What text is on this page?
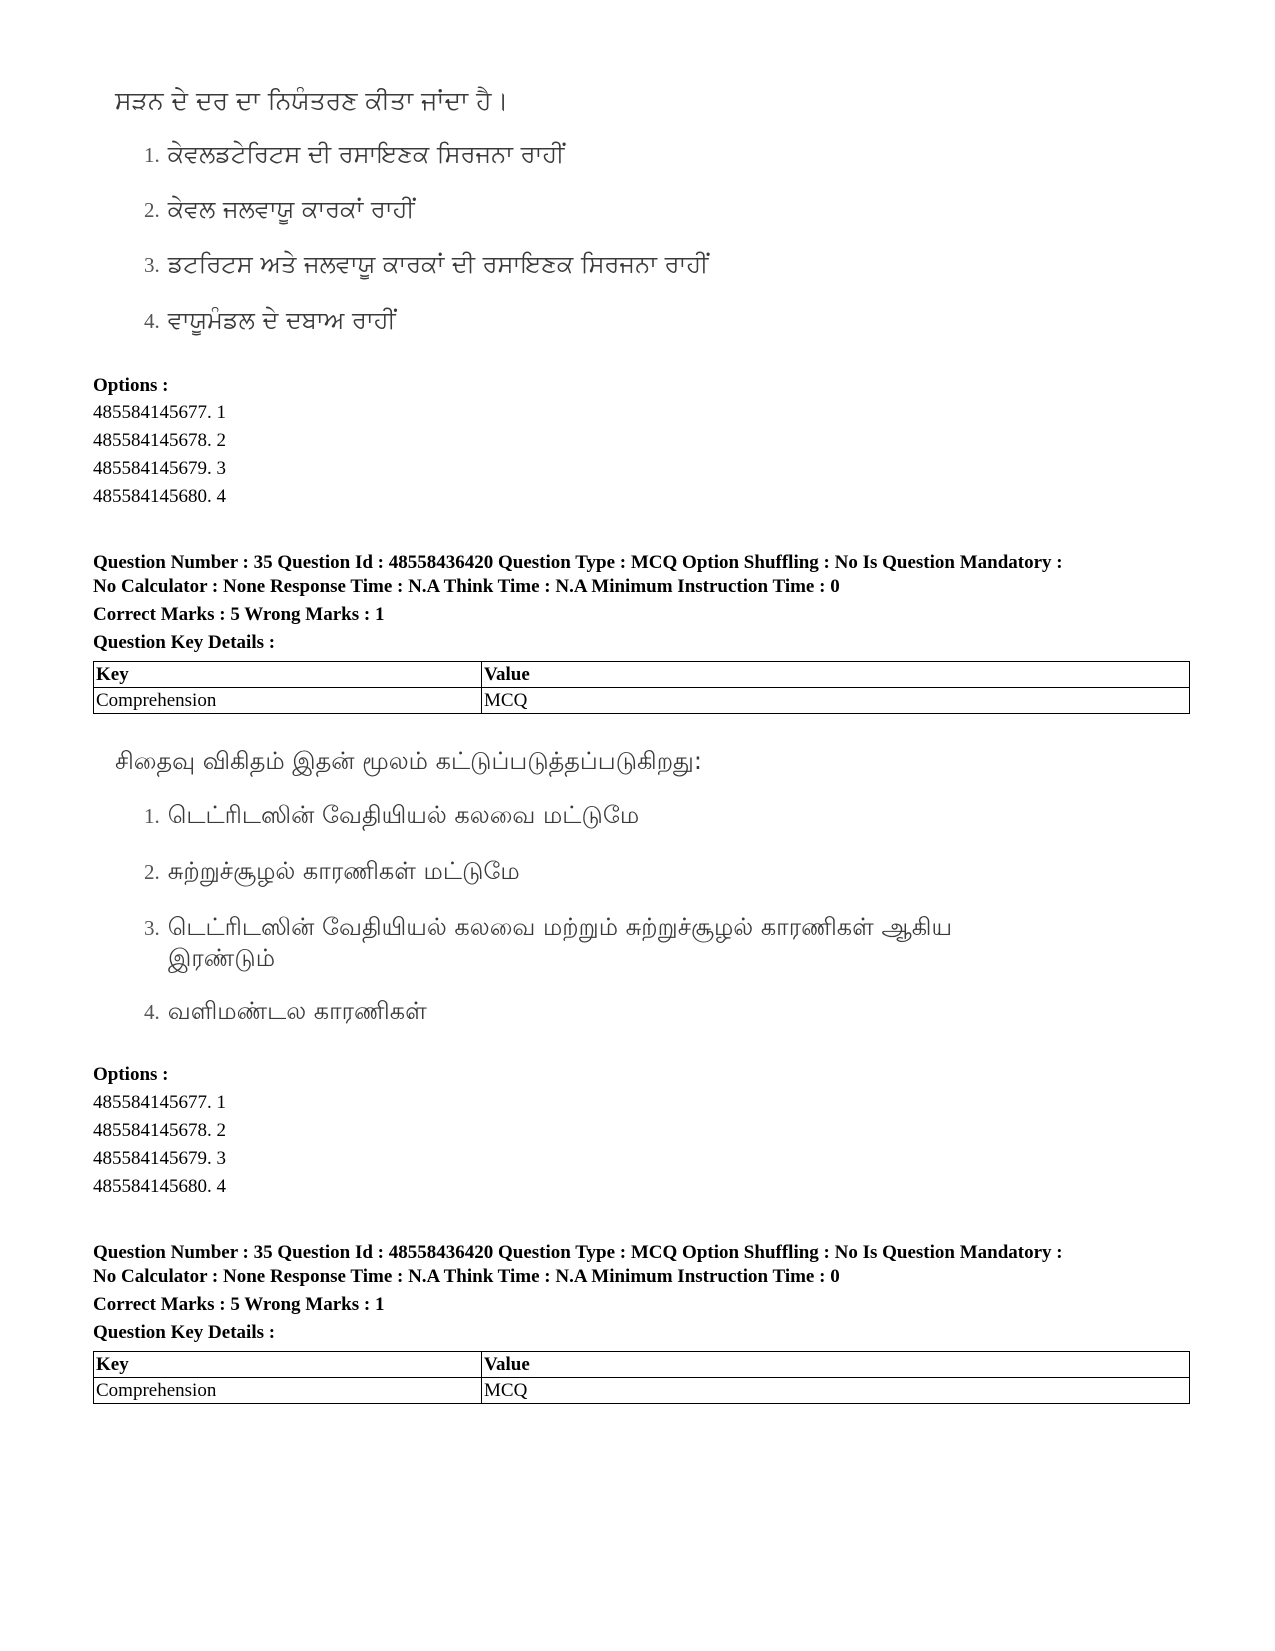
ਸੜਨ ਦੇ ਦਰ ਦਾ ਨਿਯੰਤਰਣ ਕੀਤਾ ਜਾਂਦਾ ਹੈ।
1. ਕੇਵਲਡਟੇਰਿਟਸ ਦੀ ਰਸਾਇਣਕ ਸਿਰਜਨਾ ਰਾਹੀਂ
2. ਕੇਵਲ ਜਲਵਾਯੂ ਕਾਰਕਾਂ ਰਾਹੀਂ
3. ਡਟਰਿਟਸ ਅਤੇ ਜਲਵਾਯੂ ਕਾਰਕਾਂ ਦੀ ਰਸਾਇਣਕ ਸਿਰਜਨਾ ਰਾਹੀਂ
4. ਵਾਯੂਮੰਡਲ ਦੇ ਦਬਾਅ ਰਾਹੀਂ
Options :
485584145677. 1
485584145678. 2
485584145679. 3
485584145680. 4
Question Number : 35 Question Id : 48558436420 Question Type : MCQ Option Shuffling : No Is Question Mandatory :
No Calculator : None Response Time : N.A Think Time : N.A Minimum Instruction Time : 0
Correct Marks : 5 Wrong Marks : 1
Question Key Details :
Key	Value
Comprehension	MCQ
சிதைவு விகிதம் இதன் மூலம் கட்டுப்படுத்தப்படுகிறது:
1. டெட்ரிடஸின் வேதியியல் கலவை மட்டுமே
2. சுற்றுச்சூழல் காரணிகள் மட்டுமே
3. டெட்ரிடஸின் வேதியியல் கலவை மற்றும் சுற்றுச்சூழல் காரணிகள் ஆகிய
இரண்டும்
4. வளிமண்டல காரணிகள்
Options :
485584145677. 1
485584145678. 2
485584145679. 3
485584145680. 4
Question Number : 35 Question Id : 48558436420 Question Type : MCQ Option Shuffling : No Is Question Mandatory :
No Calculator : None Response Time : N.A Think Time : N.A Minimum Instruction Time : 0
Correct Marks : 5 Wrong Marks : 1
Question Key Details :
Key	Value
Comprehension	MCQ
